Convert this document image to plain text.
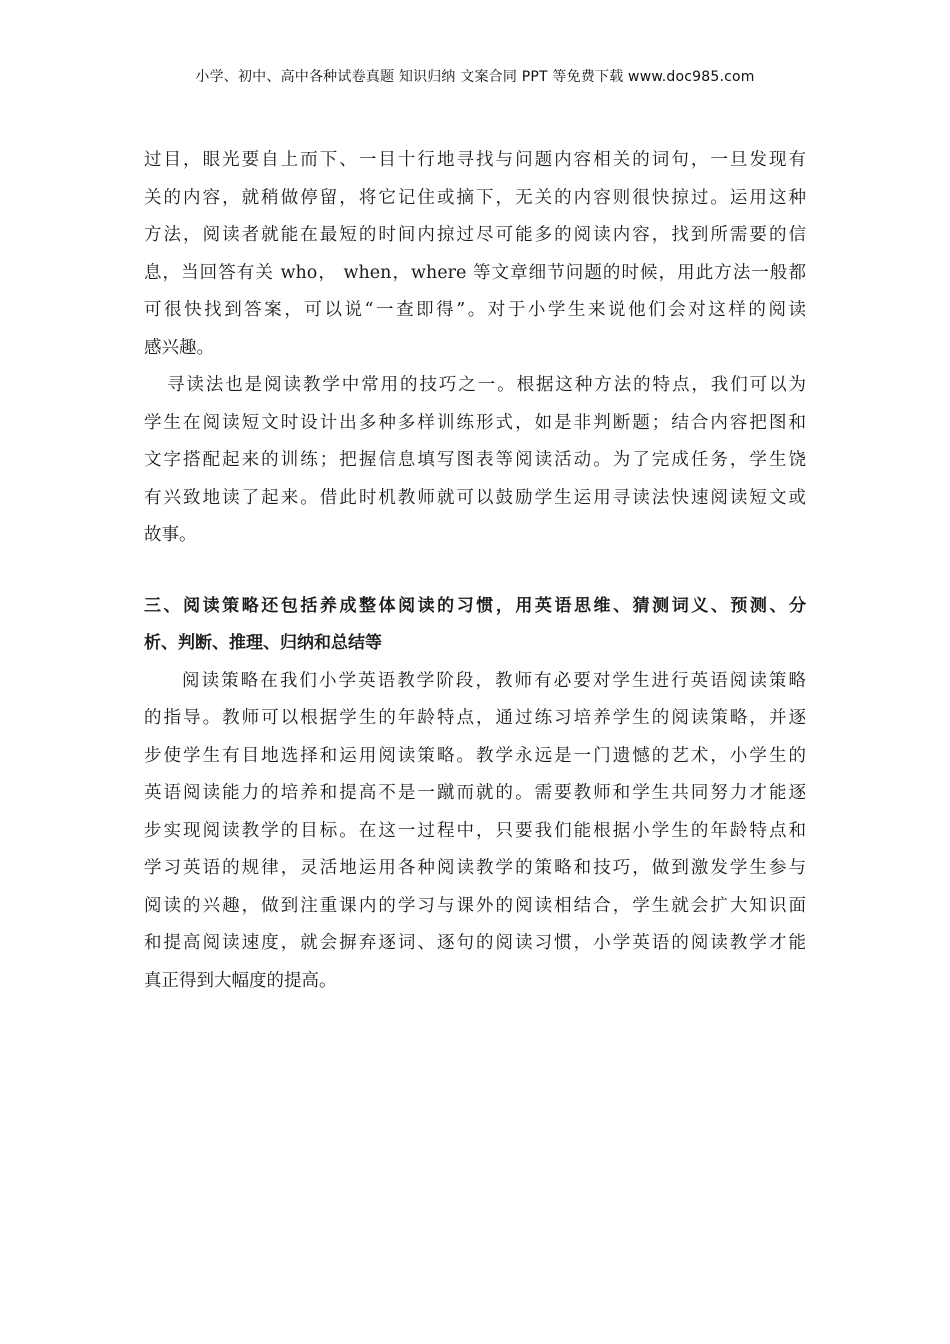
小学、初中、高中各种试卷真题 知识归纳 文案合同 PPT 等免费下载 www.doc985.com
过目，眼光要自上而下、一目十行地寻找与问题内容相关的词句，一旦发现有
关的内容，就稍做停留，将它记住或摘下，无关的内容则很快掠过。运用这种
方法，阅读者就能在最短的时间内掠过尽可能多的阅读内容，找到所需要的信
息，当回答有关 who， when，where 等文章细节问题的时候，用此方法一般都
可很快找到答案，可以说“一查即得”。对于小学生来说他们会对这样的阅读
感兴趣。
寻读法也是阅读教学中常用的技巧之一。根据这种方法的特点，我们可以为
学生在阅读短文时设计出多种多样训练形式，如是非判断题；结合内容把图和
文字搭配起来的训练；把握信息填写图表等阅读活动。为了完成任务，学生饶
有兴致地读了起来。借此时机教师就可以鼓励学生运用寻读法快速阅读短文或
故事。
三、阅读策略还包括养成整体阅读的习惯，用英语思维、猜测词义、预测、分
析、判断、推理、归纳和总结等
阅读策略在我们小学英语教学阶段，教师有必要对学生进行英语阅读策略
的指导。教师可以根据学生的年龄特点，通过练习培养学生的阅读策略，并逐
步使学生有目地选择和运用阅读策略。教学永远是一门遗憾的艺术，小学生的
英语阅读能力的培养和提高不是一蹴而就的。需要教师和学生共同努力才能逐
步实现阅读教学的目标。在这一过程中，只要我们能根据小学生的年龄特点和
学习英语的规律，灵活地运用各种阅读教学的策略和技巧，做到激发学生参与
阅读的兴趣，做到注重课内的学习与课外的阅读相结合，学生就会扩大知识面
和提高阅读速度，就会摒弃逐词、逐句的阅读习惯，小学英语的阅读教学才能
真正得到大幅度的提高。
